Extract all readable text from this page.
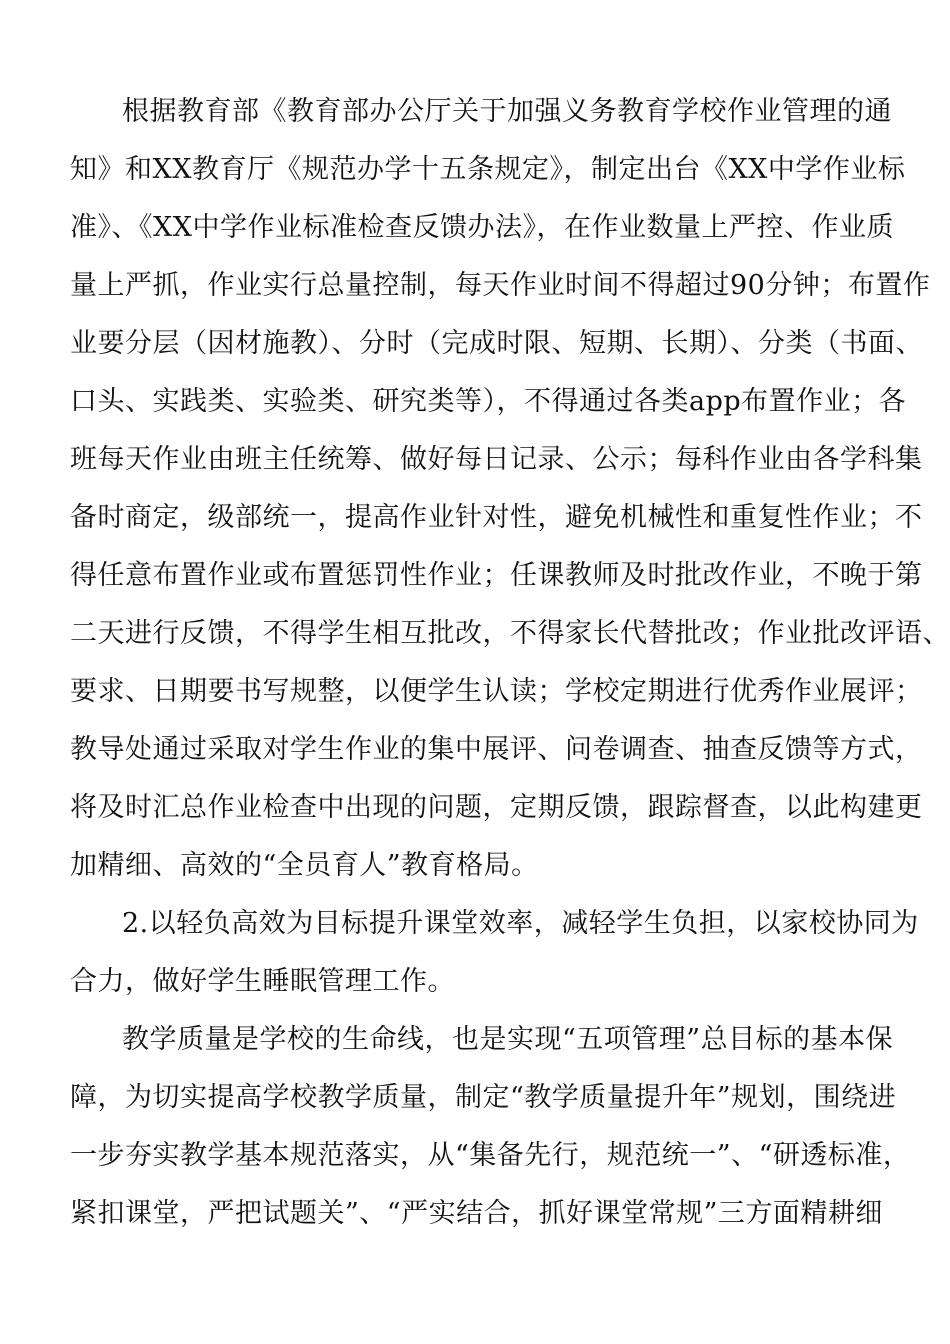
根据教育部《教育部办公厅关于加强义务教育学校作业管理的通
知》和XX教育厅《规范办学十五条规定》，制定出台《XX中学作业标
准》、《XX中学作业标准检查反馈办法》，在作业数量上严控、作业质
量上严抓，作业实行总量控制，每天作业时间不得超过90分钟；布置作
业要分层（因材施教）、分时（完成时限、短期、长期）、分类（书面、
口头、实践类、实验类、研究类等），不得通过各类app布置作业；各
班每天作业由班主任统筹、做好每日记录、公示；每科作业由各学科集
备时商定，级部统一，提高作业针对性，避免机械性和重复性作业；不
得任意布置作业或布置惩罚性作业；任课教师及时批改作业，不晚于第
二天进行反馈，不得学生相互批改，不得家长代替批改；作业批改评语、
要求、日期要书写规整，以便学生认读；学校定期进行优秀作业展评；
教导处通过采取对学生作业的集中展评、问卷调查、抽查反馈等方式，
将及时汇总作业检查中出现的问题，定期反馈，跟踪督查，以此构建更
加精细、高效的“全员育人”教育格局。
2.以轻负高效为目标提升课堂效率，减轻学生负担，以家校协同为
合力，做好学生睡眠管理工作。
教学质量是学校的生命线，也是实现“五项管理”总目标的基本保
障，为切实提高学校教学质量，制定“教学质量提升年”规划，围绕进
一步夯实教学基本规范落实，从“集备先行，规范统一”、“研透标准，
紧扣课堂，严把试题关”、“严实结合，抓好课堂常规”三方面精耕细
